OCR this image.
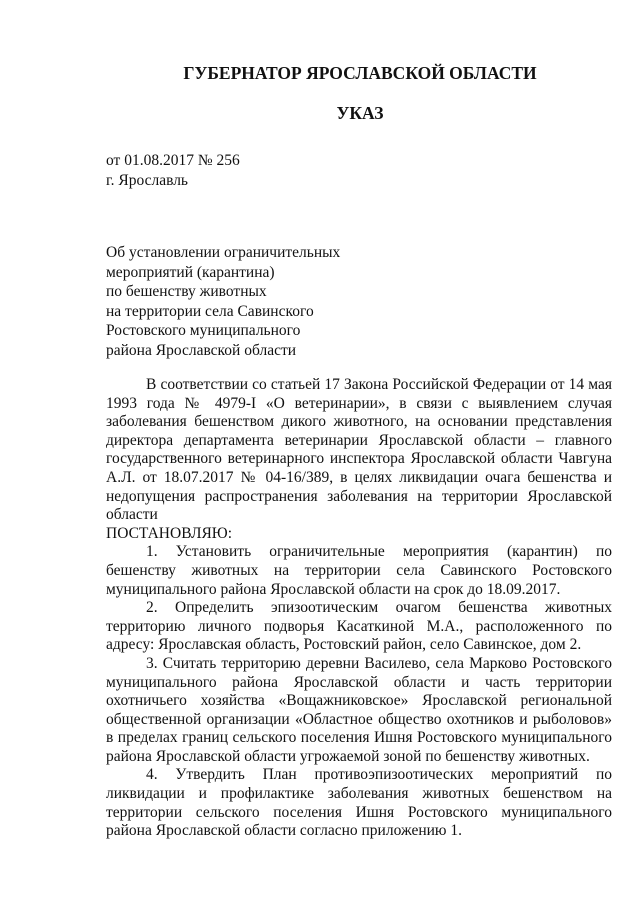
ГУБЕРНАТОР ЯРОСЛАВСКОЙ ОБЛАСТИ
УКАЗ
от 01.08.2017 № 256
г. Ярославль
Об установлении ограничительных
мероприятий (карантина)
по бешенству животных
на территории села Савинского
Ростовского муниципального
района Ярославской области

В соответствии со статьей 17 Закона Российской Федерации от 14 мая 1993 года № 4979-I «О ветеринарии», в связи с выявлением случая заболевания бешенством дикого животного, на основании представления директора департамента ветеринарии Ярославской области – главного государственного ветеринарного инспектора Ярославской области Чавгуна А.Л. от 18.07.2017 № 04-16/389, в целях ликвидации очага бешенства и недопущения распространения заболевания на территории Ярославской области

ПОСТАНОВЛЯЮ:

1. Установить ограничительные мероприятия (карантин) по бешенству животных на территории села Савинского Ростовского муниципального района Ярославской области на срок до 18.09.2017.

2. Определить эпизоотическим очагом бешенства животных территорию личного подворья Касаткиной М.А., расположенного по адресу: Ярославская область, Ростовский район, село Савинское, дом 2.

3. Считать территорию деревни Василево, села Марково Ростовского муниципального района Ярославской области и часть территории охотничьего хозяйства «Вощажниковское» Ярославской региональной общественной организации «Областное общество охотников и рыболовов» в пределах границ сельского поселения Ишня Ростовского муниципального района Ярославской области угрожаемой зоной по бешенству животных.

4. Утвердить План противоэпизоотических мероприятий по ликвидации и профилактике заболевания животных бешенством на территории сельского поселения Ишня Ростовского муниципального района Ярославской области согласно приложению 1.
